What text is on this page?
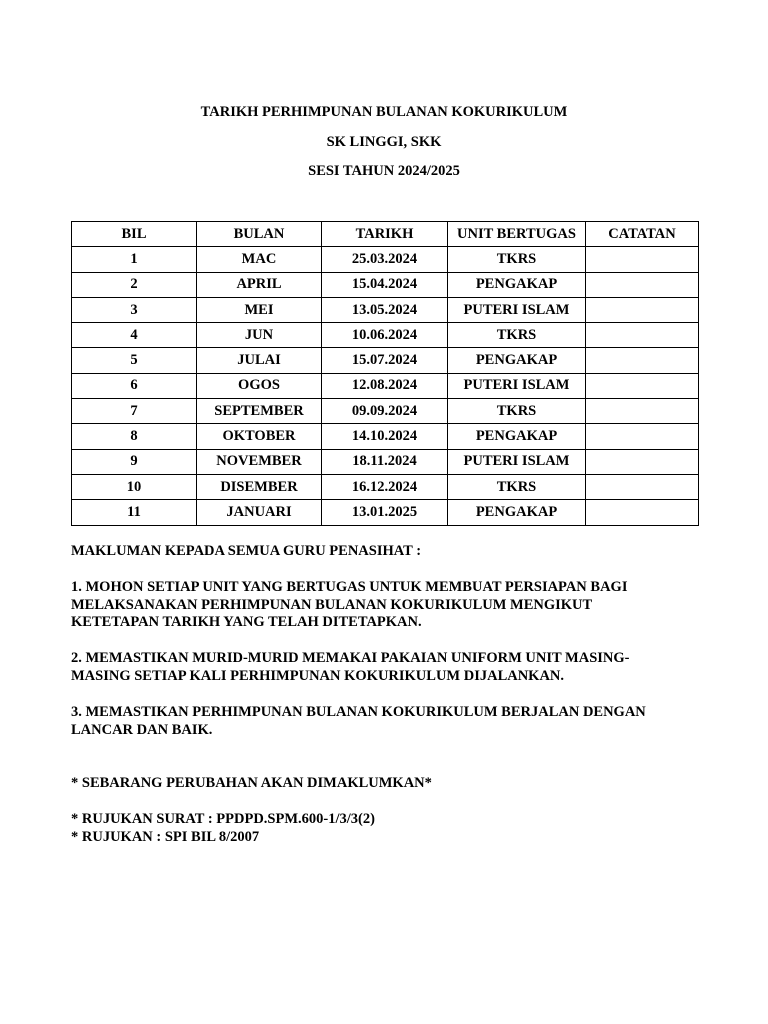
TARIKH PERHIMPUNAN BULANAN KOKURIKULUM
SK LINGGI, SKK
SESI TAHUN 2024/2025
BIL	BULAN	TARIKH	UNIT BERTUGAS	CATATAN
1	MAC	25.03.2024	TKRS	
2	APRIL	15.04.2024	PENGAKAP	
3	MEI	13.05.2024	PUTERI ISLAM	
4	JUN	10.06.2024	TKRS	
5	JULAI	15.07.2024	PENGAKAP	
6	OGOS	12.08.2024	PUTERI ISLAM	
7	SEPTEMBER	09.09.2024	TKRS	
8	OKTOBER	14.10.2024	PENGAKAP	
9	NOVEMBER	18.11.2024	PUTERI ISLAM	
10	DISEMBER	16.12.2024	TKRS	
11	JANUARI	13.01.2025	PENGAKAP	

MAKLUMAN KEPADA SEMUA GURU PENASIHAT :

1. MOHON SETIAP UNIT YANG BERTUGAS UNTUK MEMBUAT PERSIAPAN BAGI

MELAKSANAKAN PERHIMPUNAN BULANAN KOKURIKULUM MENGIKUT

KETETAPAN TARIKH YANG TELAH DITETAPKAN.

2. MEMASTIKAN MURID-MURID MEMAKAI PAKAIAN UNIFORM UNIT MASING-

MASING SETIAP KALI PERHIMPUNAN KOKURIKULUM DIJALANKAN.

3. MEMASTIKAN PERHIMPUNAN BULANAN KOKURIKULUM BERJALAN DENGAN

LANCAR DAN BAIK.

* SEBARANG PERUBAHAN AKAN DIMAKLUMKAN*

* RUJUKAN SURAT : PPDPD.SPM.600-1/3/3(2)

* RUJUKAN : SPI BIL 8/2007
